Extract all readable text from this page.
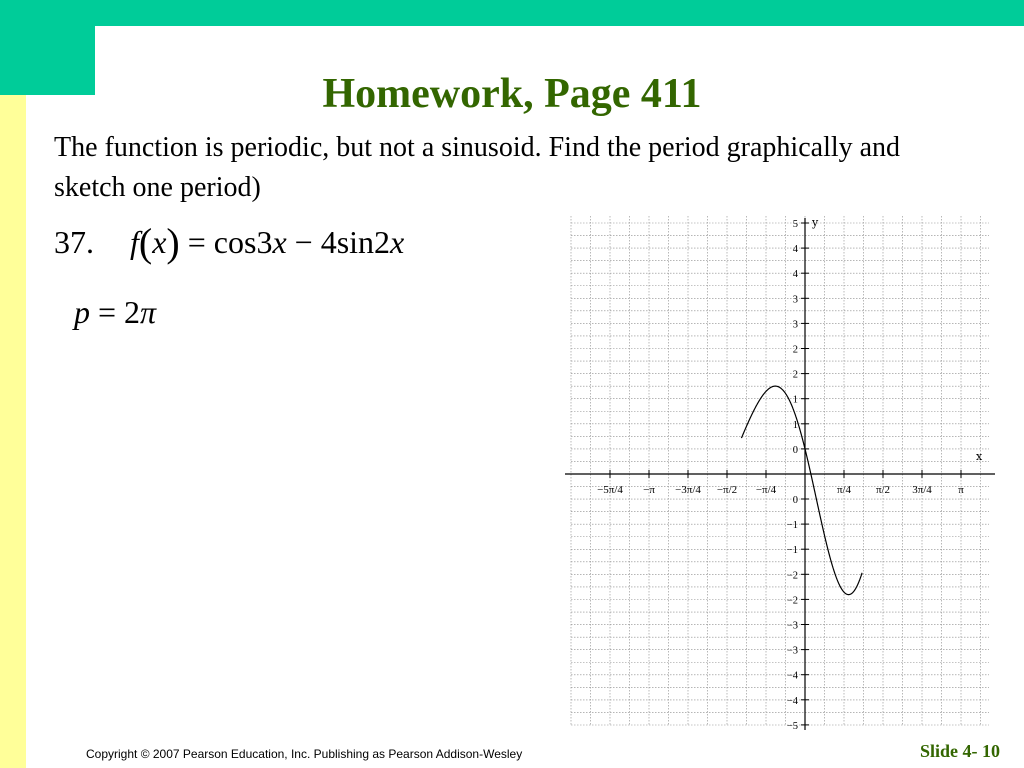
Homework, Page 411
The function is periodic, but not a sinusoid. Find the period graphically and sketch one period)
37. f(x) = cos3x − 4sin2x
p = 2π
x
y
−5π/4 −π −3π/4 −π/2 −π/4	π/4 π/2 3π/4 π
5
4
4
3
3
2
2
1
1
0
0
−1
−1
−2
−2
−3
−3
−4
−4
−5
Copyright © 2007 Pearson Education, Inc. Publishing as Pearson Addison-Wesley	Slide 4- 10
